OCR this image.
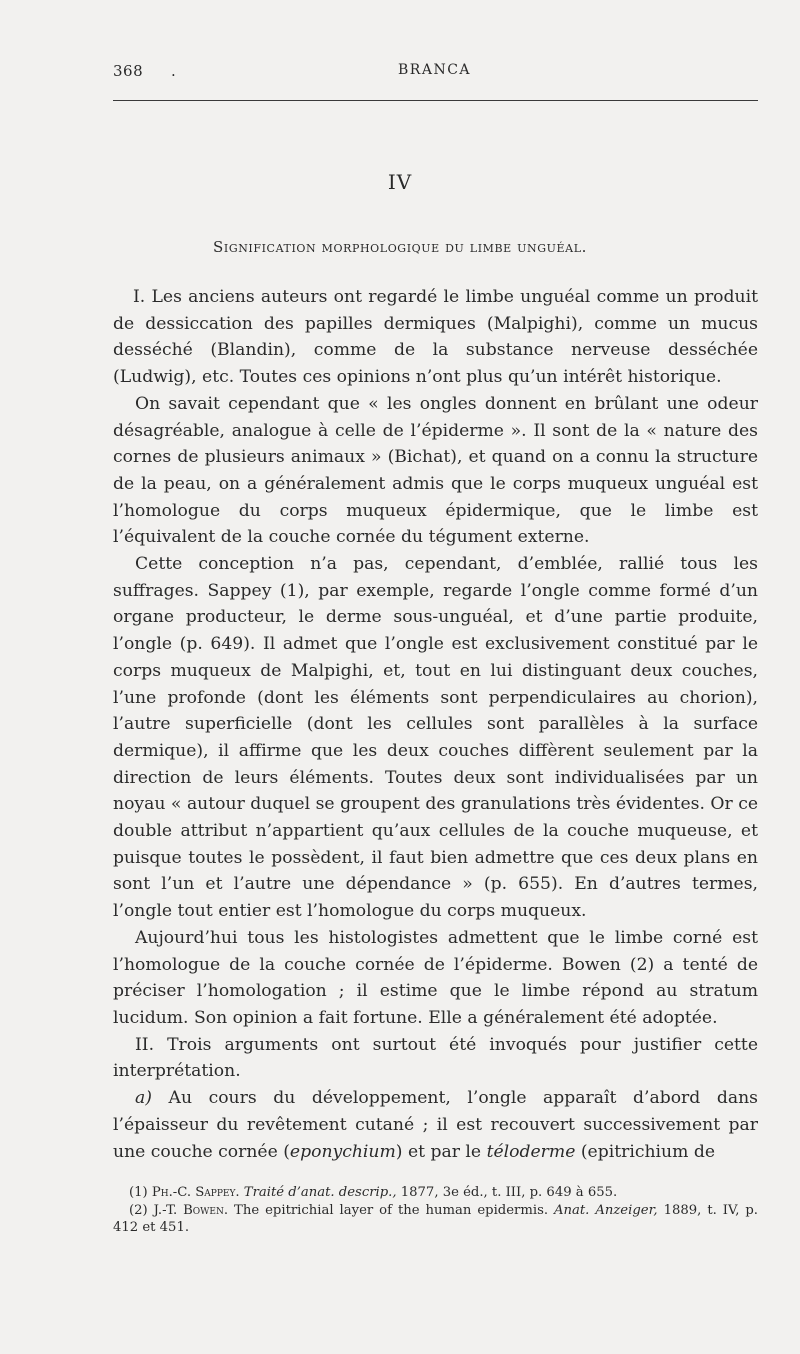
368 .	BRANCA
IV
Signification morphologique du limbe unguéal.

I. Les anciens auteurs ont regardé le limbe unguéal comme un produit de dessiccation des papilles dermiques (Malpighi), comme un mucus desséché (Blandin), comme de la substance nerveuse desséchée (Ludwig), etc. Toutes ces opinions n’ont plus qu’un intérêt historique.

On savait cependant que « les ongles donnent en brûlant une odeur désagréable, analogue à celle de l’épiderme ». Il sont de la « nature des cornes de plusieurs animaux » (Bichat), et quand on a connu la structure de la peau, on a généralement admis que le corps muqueux unguéal est l’homologue du corps muqueux épidermique, que le limbe est l’équivalent de la couche cornée du tégument externe.

Cette conception n’a pas, cependant, d’emblée, rallié tous les suffrages. Sappey (1), par exemple, regarde l’ongle comme formé d’un organe producteur, le derme sous-unguéal, et d’une partie produite, l’ongle (p. 649). Il admet que l’ongle est exclusivement constitué par le corps muqueux de Malpighi, et, tout en lui distinguant deux couches, l’une profonde (dont les éléments sont perpendiculaires au chorion), l’autre superficielle (dont les cellules sont parallèles à la surface dermique), il affirme que les deux couches diffèrent seulement par la direction de leurs éléments. Toutes deux sont individualisées par un noyau « autour duquel se groupent des granulations très évidentes. Or ce double attribut n’appartient qu’aux cellules de la couche muqueuse, et puisque toutes le possèdent, il faut bien admettre que ces deux plans en sont l’un et l’autre une dépendance » (p. 655). En d’autres termes, l’ongle tout entier est l’homologue du corps muqueux.

Aujourd’hui tous les histologistes admettent que le limbe corné est l’homologue de la couche cornée de l’épiderme. Bowen (2) a tenté de préciser l’homologation ; il estime que le limbe répond au stratum lucidum. Son opinion a fait fortune. Elle a généralement été adoptée.

II. Trois arguments ont surtout été invoqués pour justifier cette interprétation.

a) Au cours du développement, l’ongle apparaît d’abord dans l’épaisseur du revêtement cutané ; il est recouvert successivement par une couche cornée (eponychium) et par le téloderme (epitrichium de

(1) Ph.-C. Sappey. Traité d’anat. descrip., 1877, 3e éd., t. III, p. 649 à 655.

(2) J.-T. Bowen. The epitrichial layer of the human epidermis. Anat. Anzeiger, 1889, t. IV, p. 412 et 451.
